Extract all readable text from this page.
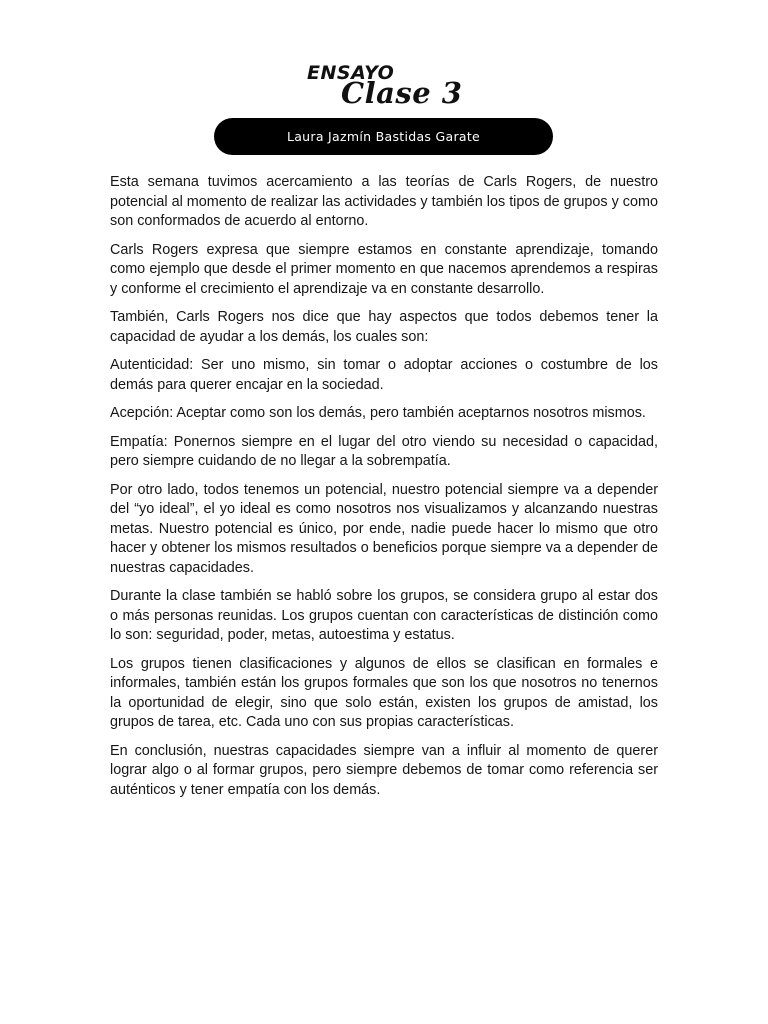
ENSAYO
Clase 3
Laura Jazmín Bastidas Garate

Esta semana tuvimos acercamiento a las teorías de Carls Rogers, de nuestro potencial al momento de realizar las actividades y también los tipos de grupos y como son conformados de acuerdo al entorno.

Carls Rogers expresa que siempre estamos en constante aprendizaje, tomando como ejemplo que desde el primer momento en que nacemos aprendemos a respiras y conforme el crecimiento el aprendizaje va en constante desarrollo.

También, Carls Rogers nos dice que hay aspectos que todos debemos tener la capacidad de ayudar a los demás, los cuales son:

Autenticidad: Ser uno mismo, sin tomar o adoptar acciones o costumbre de los demás para querer encajar en la sociedad.

Acepción: Aceptar como son los demás, pero también aceptarnos nosotros mismos.

Empatía: Ponernos siempre en el lugar del otro viendo su necesidad o capacidad, pero siempre cuidando de no llegar a la sobrempatía.

Por otro lado, todos tenemos un potencial, nuestro potencial siempre va a depender del “yo ideal”, el yo ideal es como nosotros nos visualizamos y alcanzando nuestras metas. Nuestro potencial es único, por ende, nadie puede hacer lo mismo que otro hacer y obtener los mismos resultados o beneficios porque siempre va a depender de nuestras capacidades.

Durante la clase también se habló sobre los grupos, se considera grupo al estar dos o más personas reunidas. Los grupos cuentan con características de distinción como lo son: seguridad, poder, metas, autoestima y estatus.

Los grupos tienen clasificaciones y algunos de ellos se clasifican en formales e informales, también están los grupos formales que son los que nosotros no tenernos la oportunidad de elegir, sino que solo están, existen los grupos de amistad, los grupos de tarea, etc. Cada uno con sus propias características.

En conclusión, nuestras capacidades siempre van a influir al momento de querer lograr algo o al formar grupos, pero siempre debemos de tomar como referencia ser auténticos y tener empatía con los demás.
